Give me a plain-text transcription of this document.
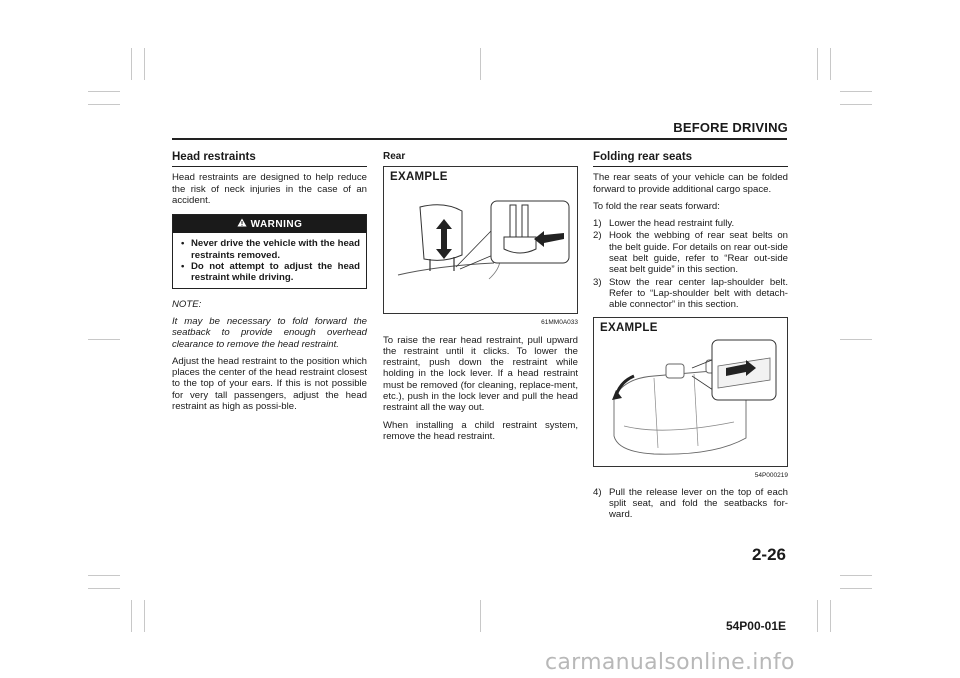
BEFORE DRIVING
Head restraints

Head restraints are designed to help reduce the risk of neck injuries in the case of an accident.

WARNING
• Never drive the vehicle with the head restraints removed.
• Do not attempt to adjust the head restraint while driving.

NOTE:

It may be necessary to fold forward the seatback to provide enough overhead clearance to remove the head restraint.

Adjust the head restraint to the position which places the center of the head restraint closest to the top of your ears. If this is not possible for very tall passengers, adjust the head restraint as high as possi-ble.

Rear
EXAMPLE
61MM0A033

To raise the rear head restraint, pull upward the restraint until it clicks. To lower the restraint, push down the restraint while holding in the lock lever. If a head restraint must be removed (for cleaning, replace-ment, etc.), push in the lock lever and pull the head restraint all the way out.

When installing a child restraint system, remove the head restraint.

Folding rear seats

The rear seats of your vehicle can be folded forward to provide additional cargo space.

To fold the rear seats forward:

1) Lower the head restraint fully.
2) Hook the webbing of rear seat belts on the belt guide. For details on rear out-side seat belt guide, refer to “Rear out-side seat belt guide” in this section.
3) Stow the rear center lap-shoulder belt. Refer to “Lap-shoulder belt with detach-able connector” in this section.
EXAMPLE
54P000219
4) Pull the release lever on the top of each split seat, and fold the seatbacks for-ward.
2-26
54P00-01E
carmanualsonline.info
